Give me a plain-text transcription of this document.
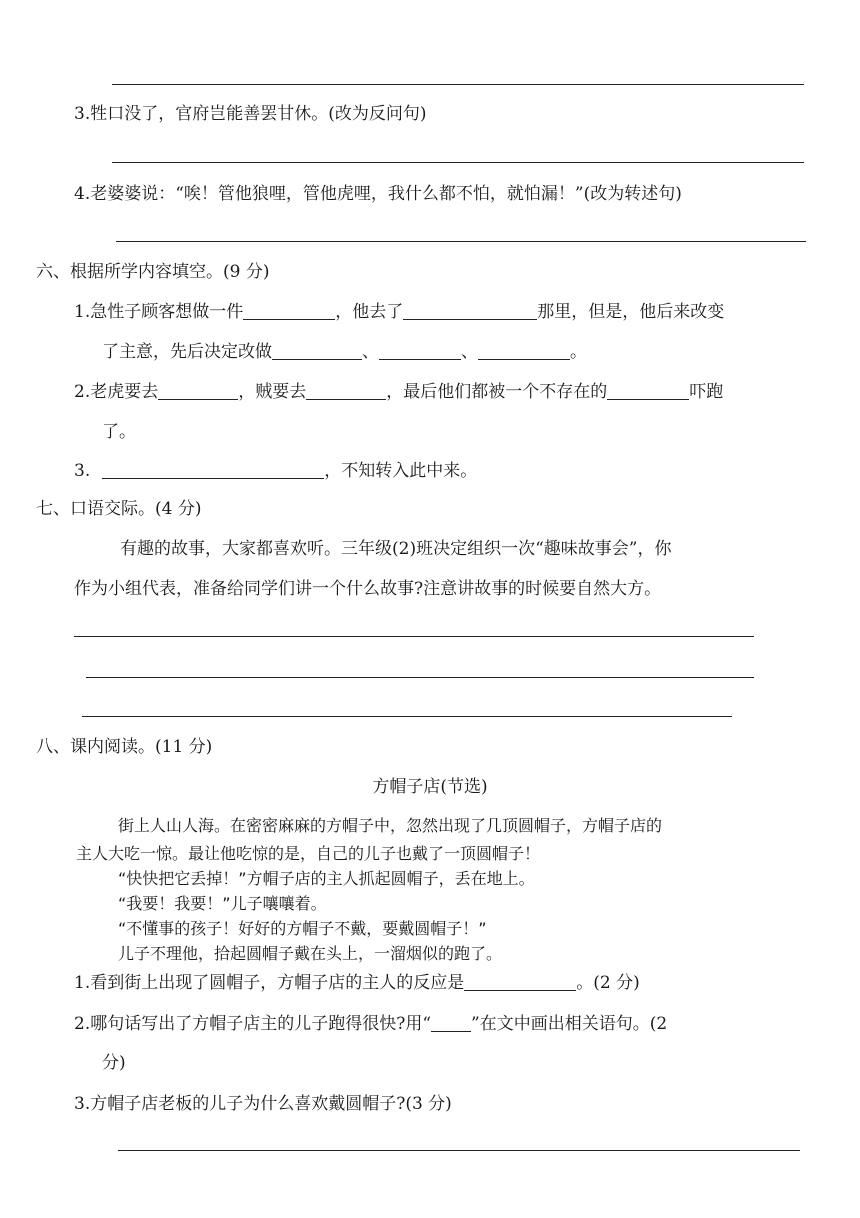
3.牲口没了，官府岂能善罢甘休。(改为反问句)
4.老婆婆说：“唉！管他狼哩，管他虎哩，我什么都不怕，就怕漏！”(改为转述句)
六、根据所学内容填空。(9 分)
1.急性子顾客想做一件	，他去了	那里，但是，他后来改变
了主意，先后决定改做	、	、	。
2.老虎要去	，贼要去	，最后他们都被一个不存在的	吓跑
了。
3.	，不知转入此中来。
七、口语交际。(4 分)
有趣的故事，大家都喜欢听。三年级(2)班决定组织一次“趣味故事会”，你
作为小组代表，准备给同学们讲一个什么故事?注意讲故事的时候要自然大方。
八、课内阅读。(11 分)
方帽子店(节选)
街上人山人海。在密密麻麻的方帽子中，忽然出现了几顶圆帽子，方帽子店的
主人大吃一惊。最让他吃惊的是，自己的儿子也戴了一顶圆帽子！
“快快把它丢掉！”方帽子店的主人抓起圆帽子，丢在地上。
“我要！我要！”儿子嚷嚷着。
“不懂事的孩子！好好的方帽子不戴，要戴圆帽子！”
儿子不理他，拾起圆帽子戴在头上，一溜烟似的跑了。
1.看到街上出现了圆帽子，方帽子店的主人的反应是	。(2 分)
2.哪句话写出了方帽子店主的儿子跑得很快?用“ ”在文中画出相关语句。(2
分)
3.方帽子店老板的儿子为什么喜欢戴圆帽子?(3 分)
